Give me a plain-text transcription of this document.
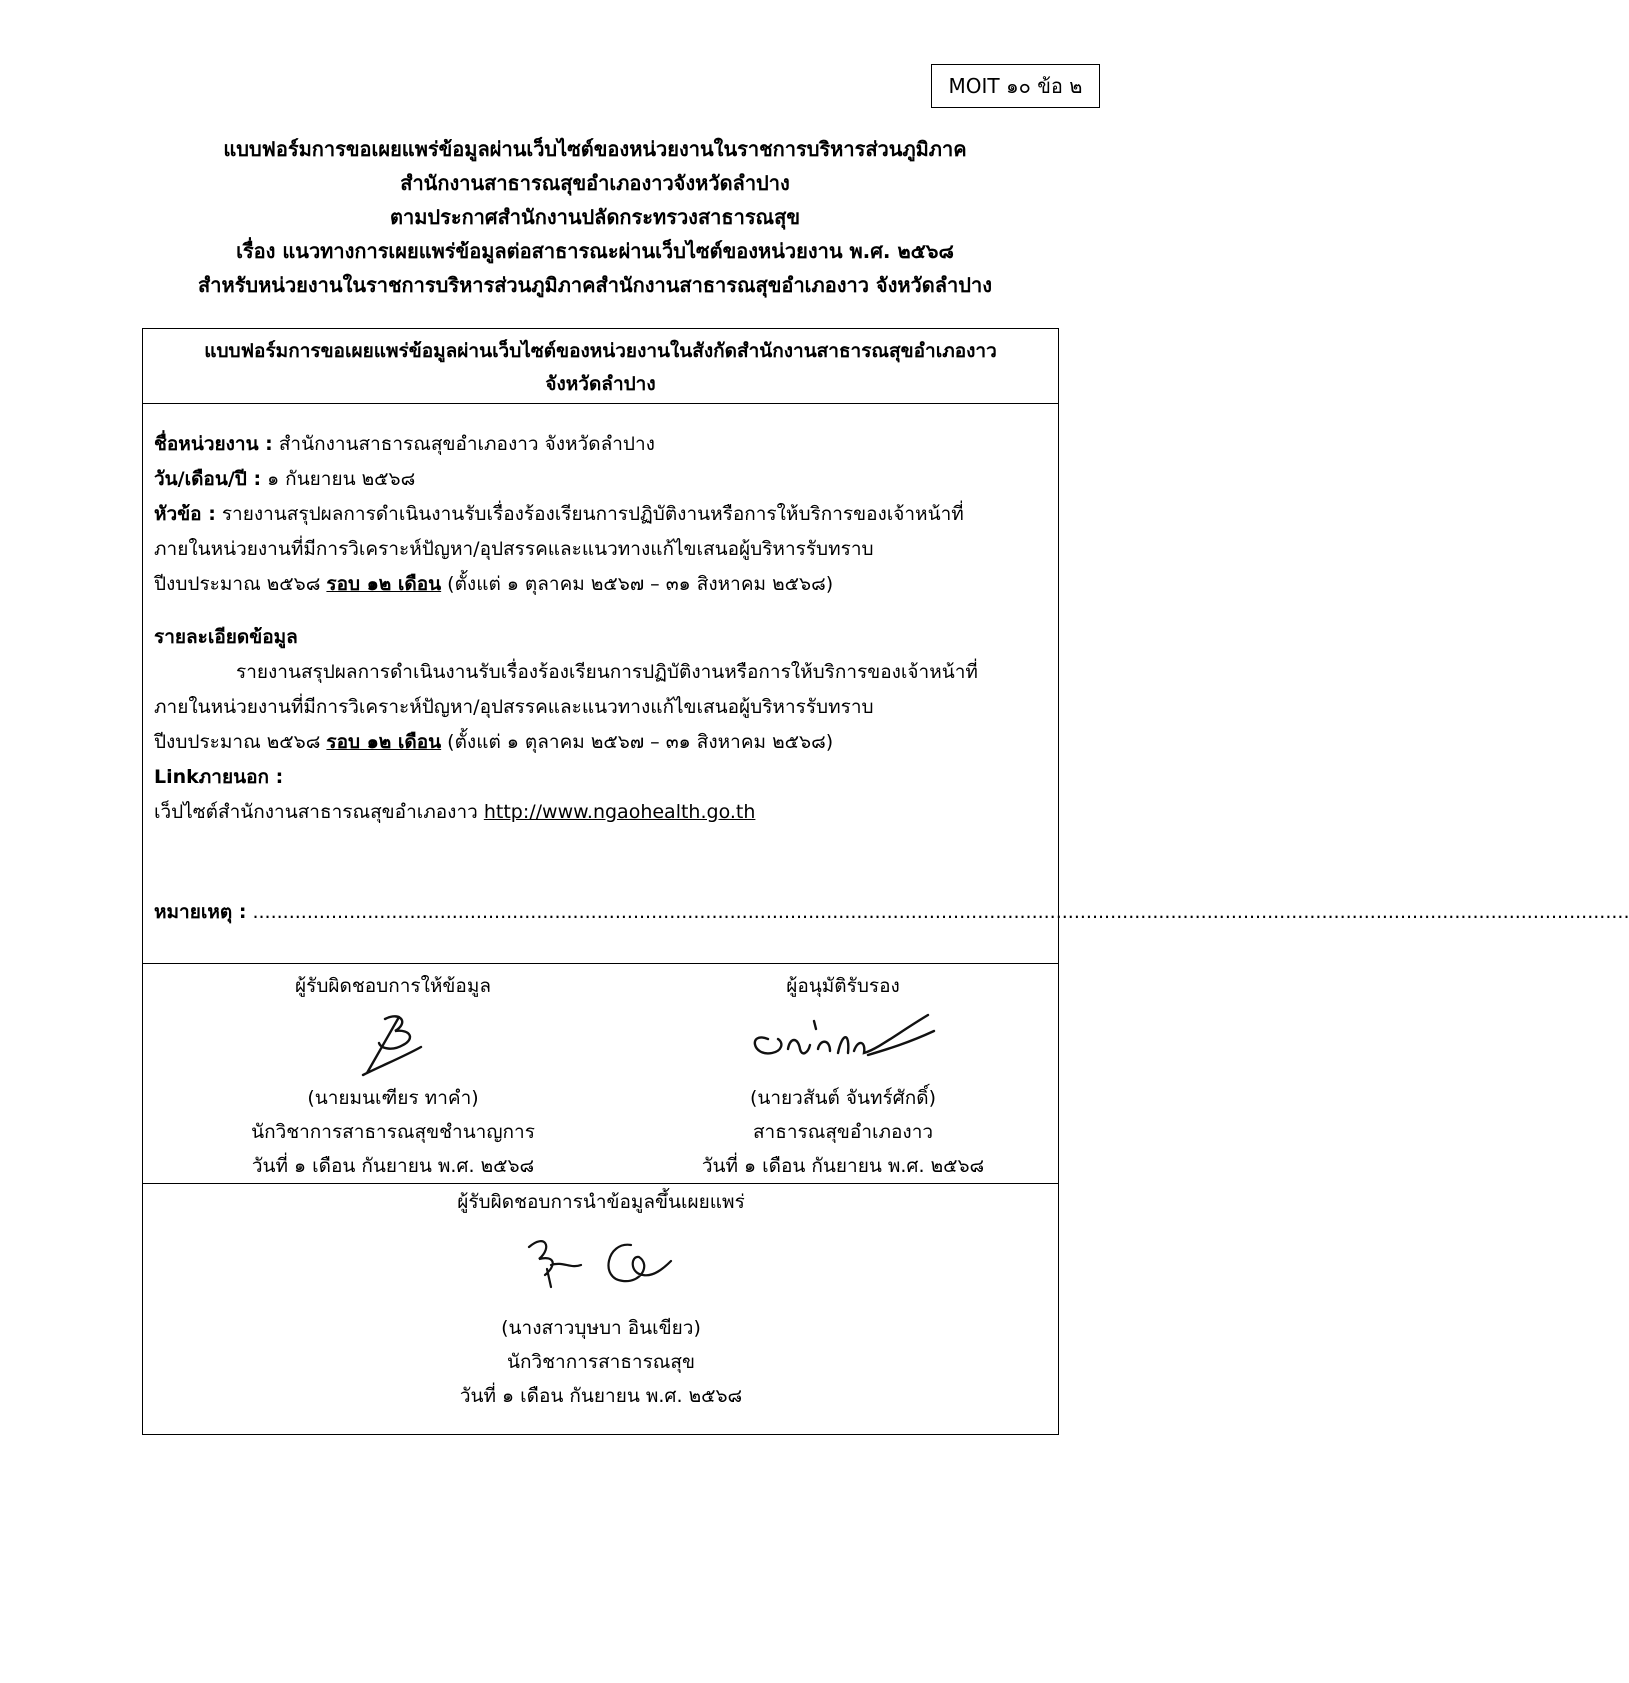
MOIT ๑๐ ข้อ ๒
แบบฟอร์มการขอเผยแพร่ข้อมูลผ่านเว็บไซต์ของหน่วยงานในราชการบริหารส่วนภูมิภาค
สำนักงานสาธารณสุขอำเภองาวจังหวัดลำปาง
ตามประกาศสำนักงานปลัดกระทรวงสาธารณสุข
เรื่อง แนวทางการเผยแพร่ข้อมูลต่อสาธารณะผ่านเว็บไซต์ของหน่วยงาน พ.ศ. ๒๕๖๘
สำหรับหน่วยงานในราชการบริหารส่วนภูมิภาคสำนักงานสาธารณสุขอำเภองาว จังหวัดลำปาง
แบบฟอร์มการขอเผยแพร่ข้อมูลผ่านเว็บไซต์ของหน่วยงานในสังกัดสำนักงานสาธารณสุขอำเภองาว
จังหวัดลำปาง
ชื่อหน่วยงาน : สำนักงานสาธารณสุขอำเภองาว จังหวัดลำปาง
วัน/เดือน/ปี : ๑ กันยายน ๒๕๖๘
หัวข้อ : รายงานสรุปผลการดำเนินงานรับเรื่องร้องเรียนการปฏิบัติงานหรือการให้บริการของเจ้าหน้าที่
ภายในหน่วยงานที่มีการวิเคราะห์ปัญหา/อุปสรรคและแนวทางแก้ไขเสนอผู้บริหารรับทราบ
ปีงบประมาณ ๒๕๖๘ รอบ ๑๒ เดือน (ตั้งแต่ ๑ ตุลาคม ๒๕๖๗ – ๓๑ สิงหาคม ๒๕๖๘)
รายละเอียดข้อมูล
รายงานสรุปผลการดำเนินงานรับเรื่องร้องเรียนการปฏิบัติงานหรือการให้บริการของเจ้าหน้าที่
ภายในหน่วยงานที่มีการวิเคราะห์ปัญหา/อุปสรรคและแนวทางแก้ไขเสนอผู้บริหารรับทราบ
ปีงบประมาณ ๒๕๖๘ รอบ ๑๒ เดือน (ตั้งแต่ ๑ ตุลาคม ๒๕๖๗ – ๓๑ สิงหาคม ๒๕๖๘)
Linkภายนอก :
เว็ปไซต์สำนักงานสาธารณสุขอำเภองาว http://www.ngaohealth.go.th
หมายเหตุ : ....................................................................................................................................................................................................................................
ผู้รับผิดชอบการให้ข้อมูล
(นายมนเฑียร ทาคำ)
นักวิชาการสาธารณสุขชำนาญการ
วันที่ ๑ เดือน กันยายน พ.ศ. ๒๕๖๘
ผู้อนุมัติรับรอง
(นายวสันต์ จันทร์ศักดิ์)
สาธารณสุขอำเภองาว
วันที่ ๑ เดือน กันยายน พ.ศ. ๒๕๖๘
ผู้รับผิดชอบการนำข้อมูลขึ้นเผยแพร่
(นางสาวบุษบา อินเขียว)
นักวิชาการสาธารณสุข
วันที่ ๑ เดือน กันยายน พ.ศ. ๒๕๖๘
